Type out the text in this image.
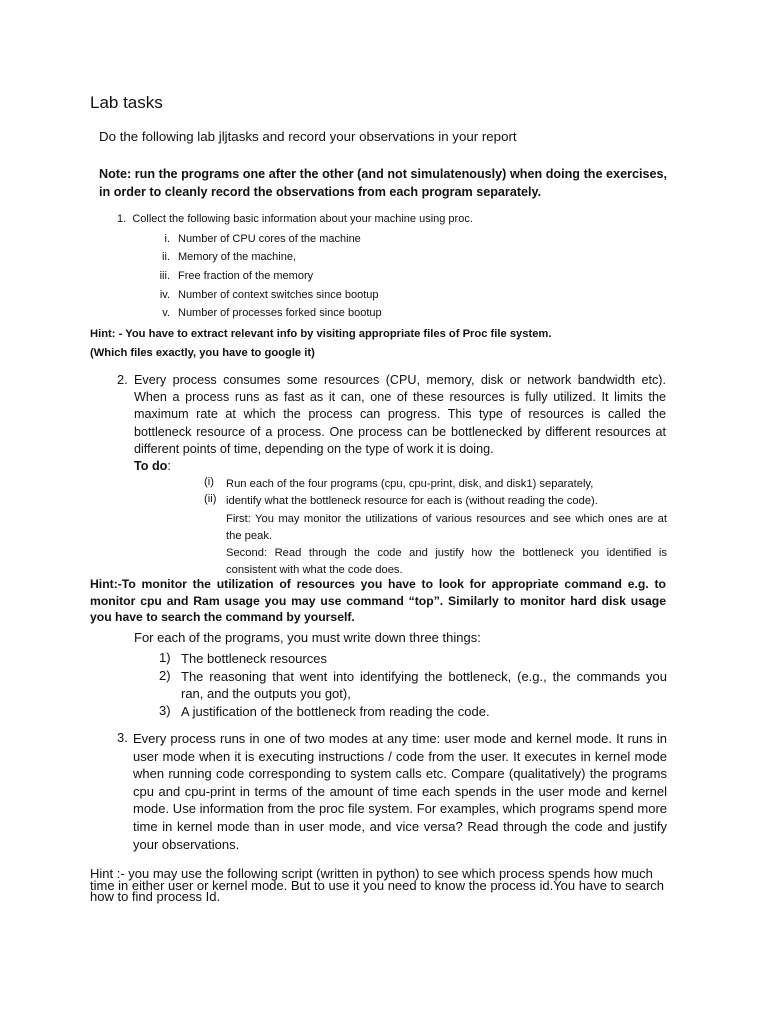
Lab tasks
Do the following lab jljtasks and record your observations in your report
Note: run the programs one after the other (and not simulatenously) when doing the exercises, in order to cleanly record the observations from each program separately.
1. Collect the following basic information about your machine using proc.
i. Number of CPU cores of the machine
ii. Memory of the machine,
iii. Free fraction of the memory
iv. Number of context switches since bootup
v. Number of processes forked since bootup
Hint: - You have to extract relevant info by visiting appropriate files of Proc file system.
(Which files exactly, you have to google it)
2. Every process consumes some resources (CPU, memory, disk or network bandwidth etc). When a process runs as fast as it can, one of these resources is fully utilized. It limits the maximum rate at which the process can progress. This type of resources is called the bottleneck resource of a process. One process can be bottlenecked by different resources at different points of time, depending on the type of work it is doing.
To do:
(i) Run each of the four programs (cpu, cpu-print, disk, and disk1) separately,
(ii) identify what the bottleneck resource for each is (without reading the code).
First: You may monitor the utilizations of various resources and see which ones are at the peak.
Second: Read through the code and justify how the bottleneck you identified is consistent with what the code does.
Hint:-To monitor the utilization of resources you have to look for appropriate command e.g. to monitor cpu and Ram usage you may use command “top”. Similarly to monitor hard disk usage you have to search the command by yourself.
For each of the programs, you must write down three things:
1) The bottleneck resources
2) The reasoning that went into identifying the bottleneck, (e.g., the commands you ran, and the outputs you got),
3) A justification of the bottleneck from reading the code.
3. Every process runs in one of two modes at any time: user mode and kernel mode. It runs in user mode when it is executing instructions / code from the user. It executes in kernel mode when running code corresponding to system calls etc. Compare (qualitatively) the programs cpu and cpu-print in terms of the amount of time each spends in the user mode and kernel mode. Use information from the proc file system. For examples, which programs spend more time in kernel mode than in user mode, and vice versa? Read through the code and justify your observations.
Hint :- you may use the following script (written in python) to see which process spends how much time in either user or kernel mode. But to use it you need to know the process id.You have to search how to find process Id.
